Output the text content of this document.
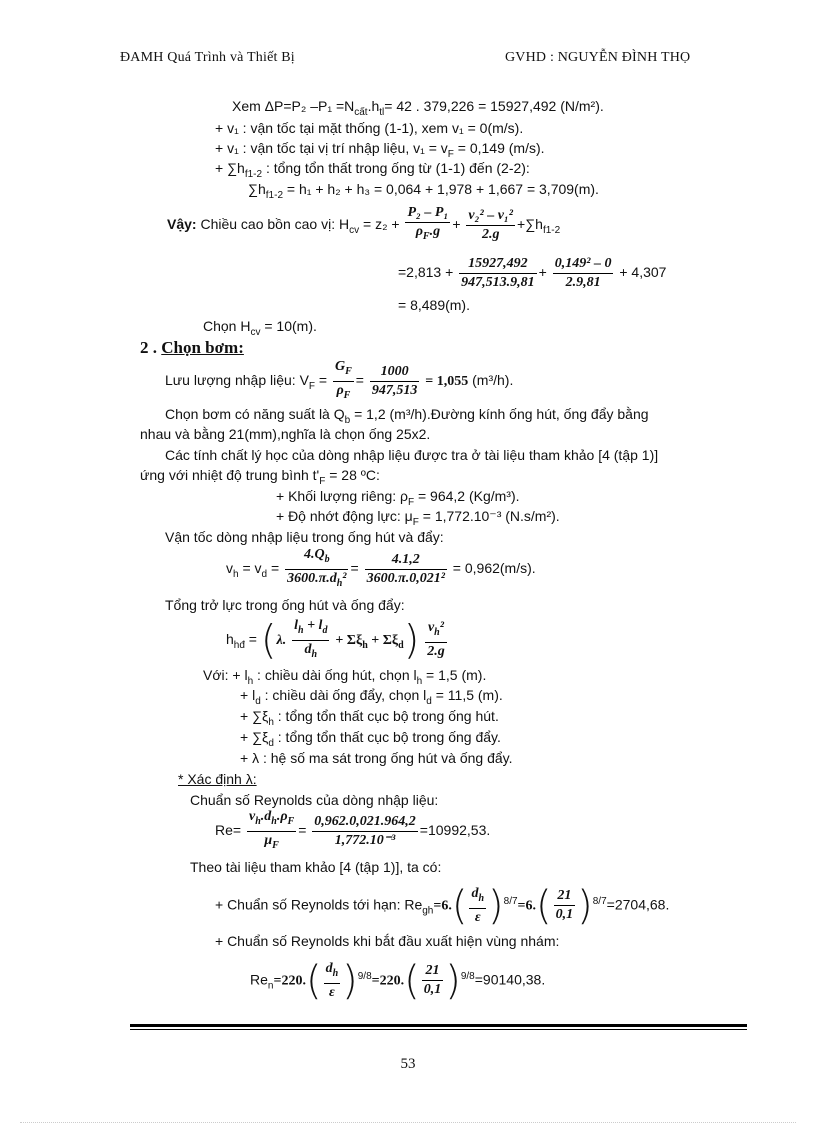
ĐAMH Quá Trình và Thiết Bị	GVHD : NGUYỄN ĐÌNH THỌ
Xem ΔP=P₂ $-P_1 =N_{cất}.h_{tl}= 42$ . 379,226 = 15927,492 (N/m²).
+ v₁ : vận tốc tại mặt thống (1-1), xem v₁ = 0(m/s).
+ v₁ : vận tốc tại vị trí nhập liệu, $v_1 = v_F = 0,149$ (m/s).
+ $\sum h_{f1-2}$ : tổng tổn thất trong ống từ (1-1) đến (2-2):
$\sum h_{f1-2} = h_1 + h_2 + h_3 = 0,064 + 1,978 + 1,667 = 3,709(m)$.
Vậy: Chiều cao bồn cao vị: $H_{cv} = z_2 + \frac{\text{P₂ – P₁}}{\rho_F.g} + \frac{\text{v₂² – v₁²}}{2.g} +\sum h_{f1-2}$
$=2,813 + \frac{15927,492}{947,513.9,81} + \frac{\text{0,149² – 0}}{2.9,81} + 4,307$
= 8,489(m).
Chọn $H_{cv} = 10(m)$.
2 . Chọn bơm:
Lưu lượng nhập liệu: $V_F = \frac{G_F}{\rho_F} = \frac{1000}{947,513} = 1,055$ (m³/h).
Chọn bơm có năng suất là $Q_b = 1,2$ (m³/h).Đường kính ống hút, ống đẩy bằng
nhau và bằng 21(mm),nghĩa là chọn ống 25x2.
Các tính chất lý học của dòng nhập liệu được tra ở tài liệu tham khảo [4 (tập 1)]
ứng với nhiệt độ trung bình $t'_F = 28$ ºC:
+ Khối lượng riêng: $\rho_F = 964,2$ (Kg/m³).
+ Độ nhớt động lực: $\mu_F = 1,772.10^{-3}$ (N.s/m²).
Vận tốc dòng nhập liệu trong ống hút và đẩy:
$v_h = v_d = \frac{4.Q_b}{3600.\pi.d_h^2} = \frac{4.1,2}{\text{3600.π.0,021²}} = 0,962(m/s)$.
Tổng trở lực trong ống hút và ống đẩy:
$h_{hđ} = (\lambda$. $\frac{l_h + l_d}{d_h} + \Sigma\xi_h + \Sigma\xi_d) \frac{v_h^2}{2.g}$
Với: + $l_h$ : chiều dài ống hút, chọn $l_h = 1,5$ (m).
+ $l_d$ : chiều dài ống đẩy, chọn $l_d = 11,5$ (m).
+ $\sum\xi_h$ : tổng tổn thất cục bộ trong ống hút.
+ $\sum\xi_d$ : tổng tổn thất cục bộ trong ống đẩy.
+ λ : hệ số ma sát trong ống hút và ống đẩy.
* Xác định λ:
Chuẩn số Reynolds của dòng nhập liệu:
$Re= \frac{v_h.d_h.\rho_F}{\mu_F} = \frac{0,962.0,021.964,2}{\text{1,772.10⁻³}} =10992,53$.
Theo tài liệu tham khảo [4 (tập 1)], ta có:
+ Chuẩn số Reynolds tới hạn: $Re_{gh}=6.( \frac{d_h}{\varepsilon} )^{8/7}=6.( \frac{21}{0,1} )^{8/7}=2704,68$.
+ Chuẩn số Reynolds khi bắt đầu xuất hiện vùng nhám:
$Re_n=220.( \frac{d_h}{\varepsilon} )^{9/8}=220.( \frac{21}{0,1} )^{9/8}=90140,38$.
53
